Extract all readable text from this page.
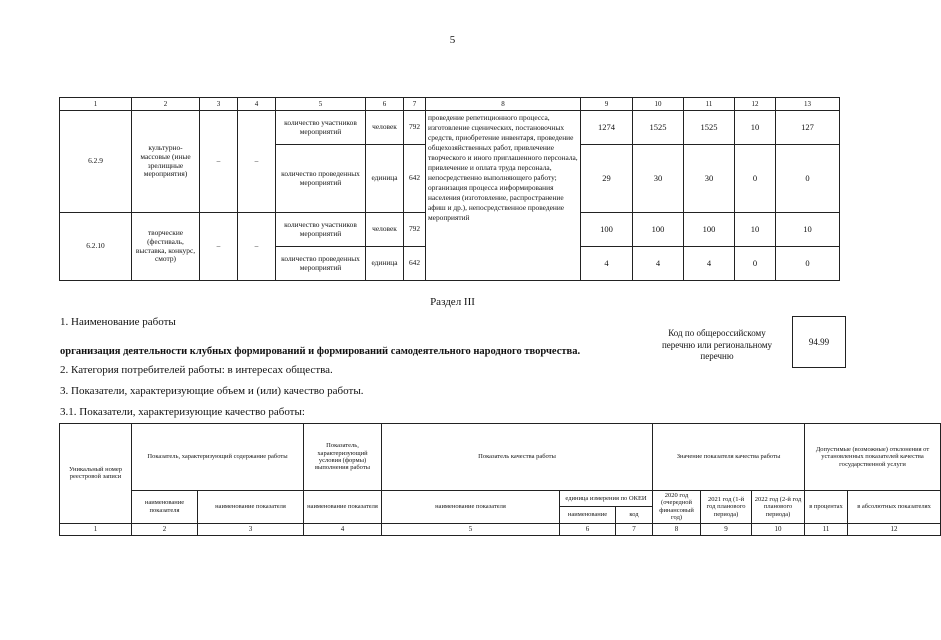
5
1	2	3	4	5	6	7	8	9	10	11	12	13
6.2.9	культурно-массовые (иные зрелищные мероприятия)	–	–	количество участников мероприятий	человек	792	проведение репетиционного процесса, изготовление сценических, постановочных средств, приобретение инвентаря, проведение общехозяйственных работ, привлечение творческого и иного приглашенного персонала, привлечение и оплата труда персонала, непосредственно выполняющего работу; организация процесса информирования населения (изготовление, распространение афиш и др.), непосредственное проведение мероприятий	1274	1525	1525	10	127
				количество проведенных мероприятий	единица	642		29	30	30	0	0
6.2.10	творческие (фестиваль, выставка, конкурс, смотр)	–	–	количество участников мероприятий	человек	792		100	100	100	10	10
				количество проведенных мероприятий	единица	642		4	4	4	0	0
Раздел III
1. Наименование работы
организация деятельности клубных формирований и формирований самодеятельного народного творчества.
Код по общероссийскому перечню или региональному перечню
94.99
2. Категория потребителей работы: в интересах общества.
3. Показатели, характеризующие объем и (или) качество работы.
3.1. Показатели, характеризующие качество работы:
Уникальный номер реестровой записи	Показатель, характеризующий содержание работы		Показатель, характеризующий условия (формы) выполнения работы	Показатель качества работы			Значение показателя качества работы			Допустимые (возможные) отклонения от установленных показателей качества государственной услуги	
	наименование показателя	наименование показателя	наименование показателя	наименование показателя	единица измерения по ОКЕИ		2020 год (очередной финансовый год)	2021 год (1-й год планового периода)	2022 год (2-й год планового периода)	в процентах	в абсолютных показателях
					наименование	код					
1	2	3	4	5	6	7	8	9	10	11	12
